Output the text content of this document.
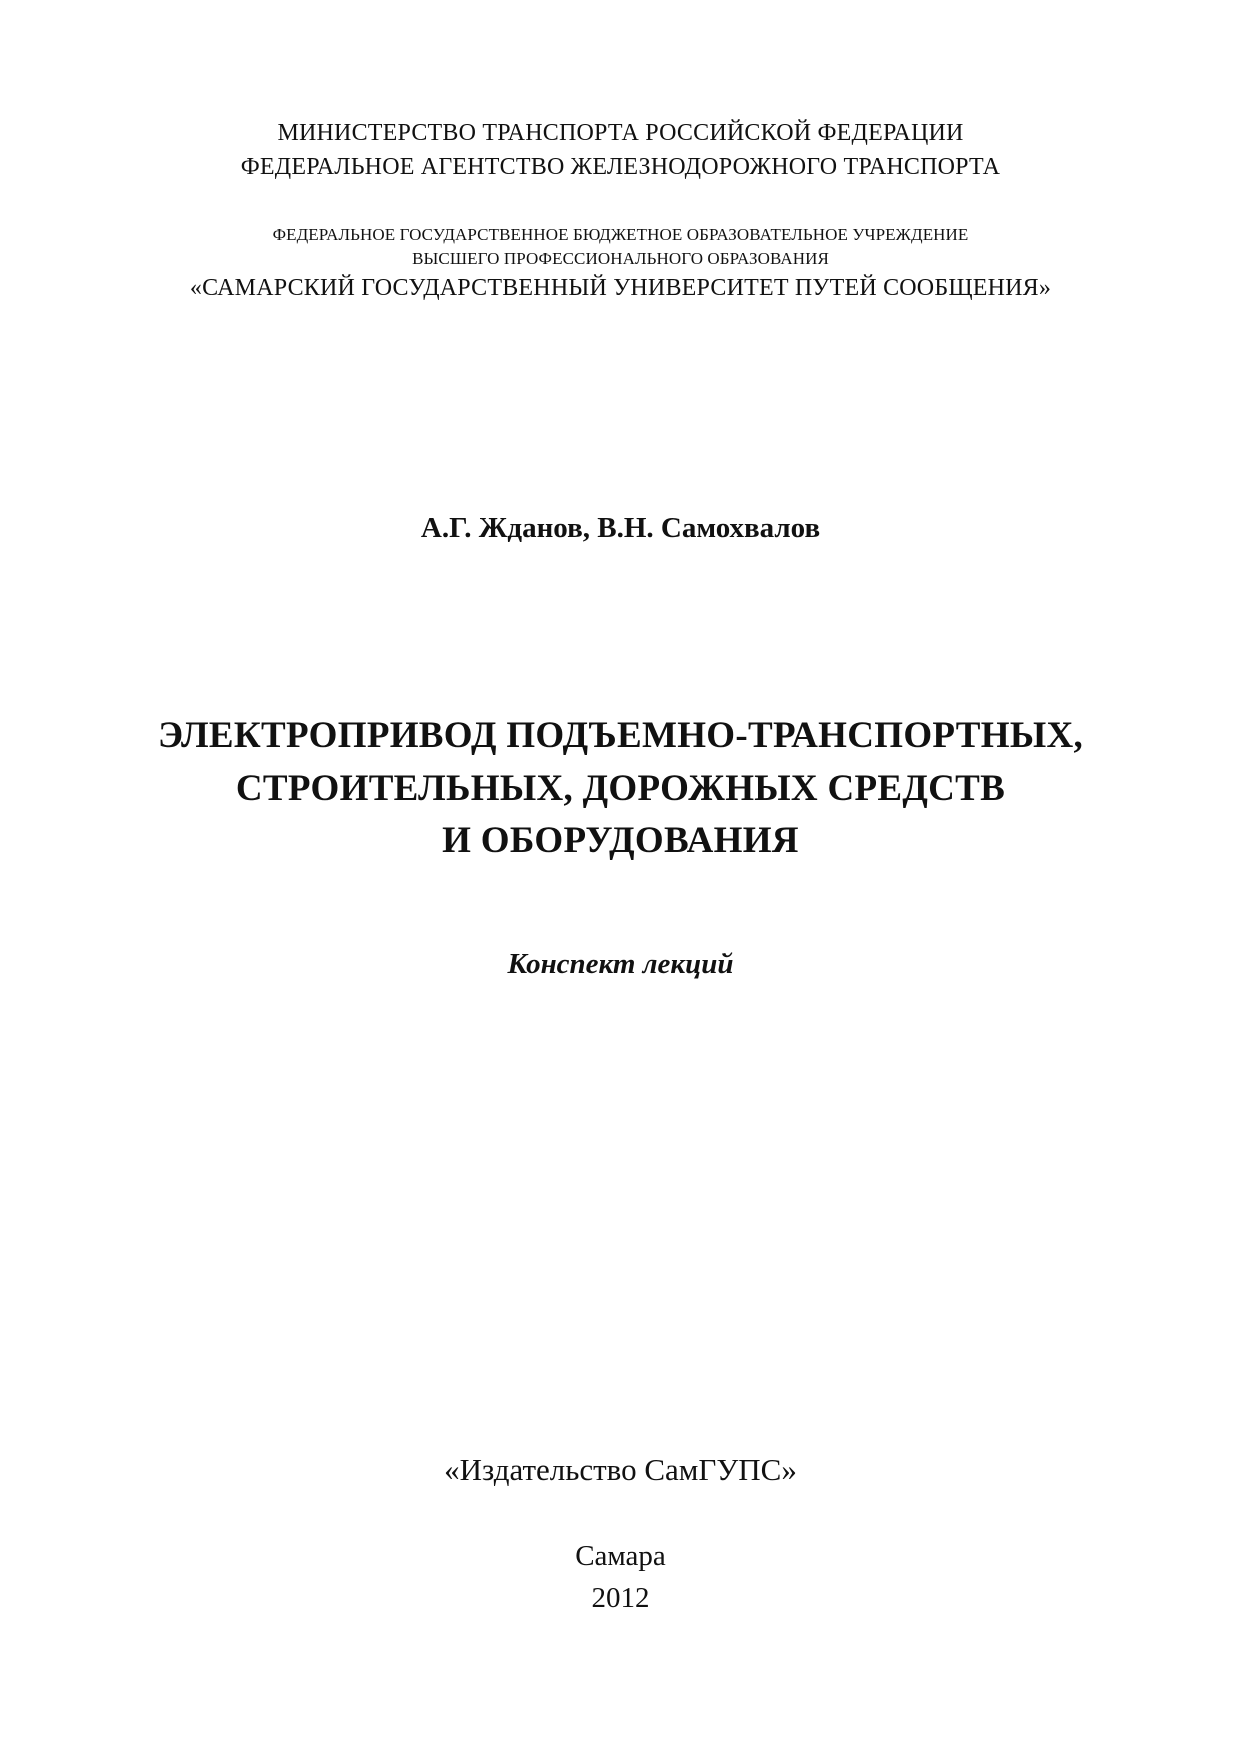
МИНИСТЕРСТВО ТРАНСПОРТА РОССИЙСКОЙ ФЕДЕРАЦИИ
ФЕДЕРАЛЬНОЕ АГЕНТСТВО ЖЕЛЕЗНОДОРОЖНОГО ТРАНСПОРТА
ФЕДЕРАЛЬНОЕ ГОСУДАРСТВЕННОЕ БЮДЖЕТНОЕ ОБРАЗОВАТЕЛЬНОЕ УЧРЕЖДЕНИЕ
ВЫСШЕГО ПРОФЕССИОНАЛЬНОГО ОБРАЗОВАНИЯ
«САМАРСКИЙ ГОСУДАРСТВЕННЫЙ УНИВЕРСИТЕТ ПУТЕЙ СООБЩЕНИЯ»
А.Г. Жданов, В.Н. Самохвалов
ЭЛЕКТРОПРИВОД ПОДЪЕМНО-ТРАНСПОРТНЫХ,
СТРОИТЕЛЬНЫХ, ДОРОЖНЫХ СРЕДСТВ
И ОБОРУДОВАНИЯ
Конспект лекций
«Издательство СамГУПС»
Самара
2012
